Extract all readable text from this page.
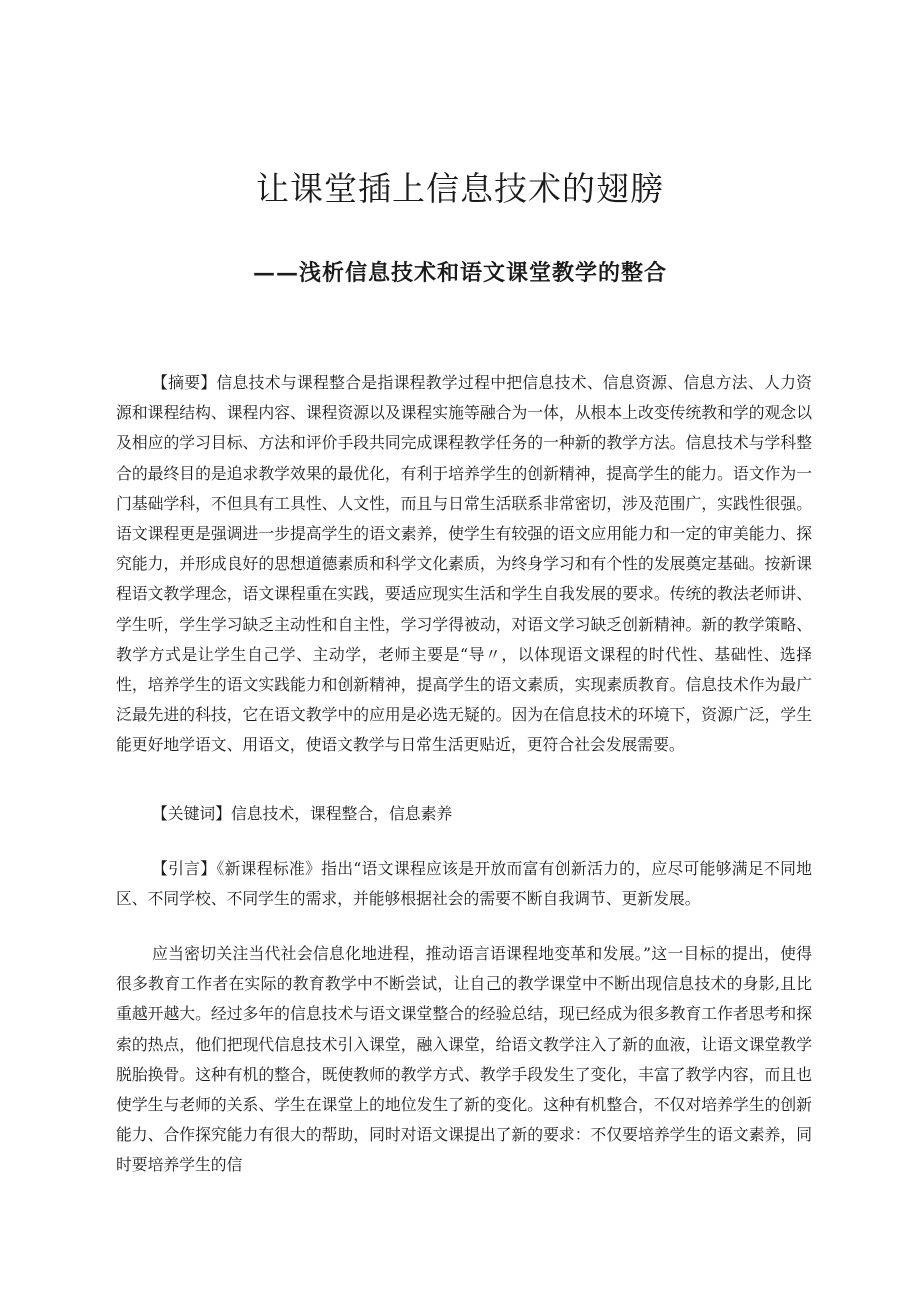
让课堂插上信息技术的翅膀
——浅析信息技术和语文课堂教学的整合

【摘要】信息技术与课程整合是指课程教学过程中把信息技术、信息资源、信息方法、人力资源和课程结构、课程内容、课程资源以及课程实施等融合为一体，从根本上改变传统教和学的观念以及相应的学习目标、方法和评价手段共同完成课程教学任务的一种新的教学方法。信息技术与学科整合的最终目的是追求教学效果的最优化，有利于培养学生的创新精神，提高学生的能力。语文作为一门基础学科，不但具有工具性、人文性，而且与日常生活联系非常密切，涉及范围广，实践性很强。语文课程更是强调进一步提高学生的语文素养，使学生有较强的语文应用能力和一定的审美能力、探究能力，并形成良好的思想道德素质和科学文化素质，为终身学习和有个性的发展奠定基础。按新课程语文教学理念，语文课程重在实践，要适应现实生活和学生自我发展的要求。传统的教法老师讲、学生听，学生学习缺乏主动性和自主性，学习学得被动，对语文学习缺乏创新精神。新的教学策略、教学方式是让学生自己学、主动学，老师主要是“导〃，以体现语文课程的时代性、基础性、选择性，培养学生的语文实践能力和创新精神，提高学生的语文素质，实现素质教育。信息技术作为最广泛最先进的科技，它在语文教学中的应用是必选无疑的。因为在信息技术的环境下，资源广泛，学生能更好地学语文、用语文，使语文教学与日常生活更贴近，更符合社会发展需要。

【关键词】信息技术，课程整合，信息素养

【引言】《新课程标准》指出“语文课程应该是开放而富有创新活力的，应尽可能够满足不同地区、不同学校、不同学生的需求，并能够根据社会的需要不断自我调节、更新发展。

应当密切关注当代社会信息化地进程，推动语言语课程地变革和发展。”这一目标的提出，使得很多教育工作者在实际的教育教学中不断尝试，让自己的教学课堂中不断出现信息技术的身影,且比重越开越大。经过多年的信息技术与语文课堂整合的经验总结，现已经成为很多教育工作者思考和探索的热点，他们把现代信息技术引入课堂，融入课堂，给语文教学注入了新的血液，让语文课堂教学脱胎换骨。这种有机的整合，既使教师的教学方式、教学手段发生了变化，丰富了教学内容，而且也使学生与老师的关系、学生在课堂上的地位发生了新的变化。这种有机整合，不仅对培养学生的创新能力、合作探究能力有很大的帮助，同时对语文课提出了新的要求：不仅要培养学生的语文素养，同时要培养学生的信
